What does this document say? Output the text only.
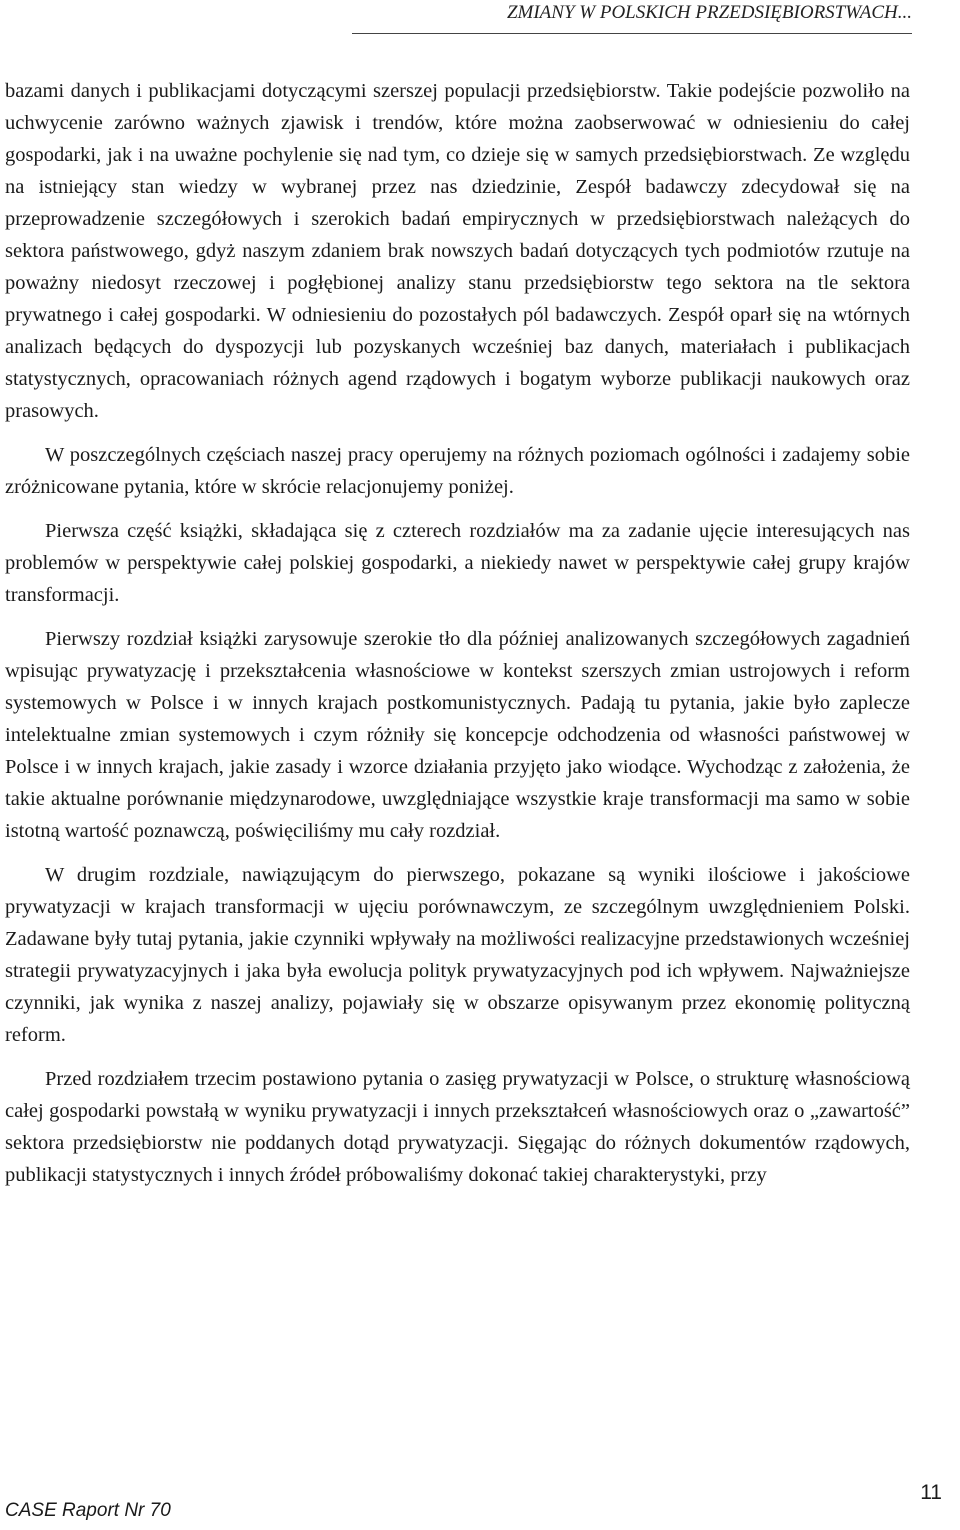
ZMIANY W POLSKICH PRZEDSIĘBIORSTWACH...

bazami danych i publikacjami dotyczącymi szerszej populacji przedsiębiorstw. Takie podejście pozwoliło na uchwycenie zarówno ważnych zjawisk i trendów, które można zaobserwować w odniesieniu do całej gospodarki, jak i na uważne pochylenie się nad tym, co dzieje się w samych przedsiębiorstwach. Ze względu na istniejący stan wiedzy w wybranej przez nas dziedzinie, Zespół badawczy zdecydował się na przeprowadzenie szczegółowych i szerokich badań empirycznych w przedsiębiorstwach należących do sektora państwowego, gdyż naszym zdaniem brak nowszych badań dotyczących tych podmiotów rzutuje na poważny niedosyt rzeczowej i pogłębionej analizy stanu przedsiębiorstw tego sektora na tle sektora prywatnego i całej gospodarki. W odniesieniu do pozostałych pól badawczych. Zespół oparł się na wtórnych analizach będących do dyspozycji lub pozyskanych wcześniej baz danych, materiałach i publikacjach statystycznych, opracowaniach różnych agend rządowych i bogatym wyborze publikacji naukowych oraz prasowych.

W poszczególnych częściach naszej pracy operujemy na różnych poziomach ogólności i zadajemy sobie zróżnicowane pytania, które w skrócie relacjonujemy poniżej.

Pierwsza część książki, składająca się z czterech rozdziałów ma za zadanie ujęcie interesujących nas problemów w perspektywie całej polskiej gospodarki, a niekiedy nawet w perspektywie całej grupy krajów transformacji.

Pierwszy rozdział książki zarysowuje szerokie tło dla później analizowanych szczegółowych zagadnień wpisując prywatyzację i przekształcenia własnościowe w kontekst szerszych zmian ustrojowych i reform systemowych w Polsce i w innych krajach postkomunistycznych. Padają tu pytania, jakie było zaplecze intelektualne zmian systemowych i czym różniły się koncepcje odchodzenia od własności państwowej w Polsce i w innych krajach, jakie zasady i wzorce działania przyjęto jako wiodące. Wychodząc z założenia, że takie aktualne porównanie międzynarodowe, uwzględniające wszystkie kraje transformacji ma samo w sobie istotną wartość poznawczą, poświęciliśmy mu cały rozdział.

W drugim rozdziale, nawiązującym do pierwszego, pokazane są wyniki ilościowe i jakościowe prywatyzacji w krajach transformacji w ujęciu porównawczym, ze szczególnym uwzględnieniem Polski. Zadawane były tutaj pytania, jakie czynniki wpływały na możliwości realizacyjne przedstawionych wcześniej strategii prywatyzacyjnych i jaka była ewolucja polityk prywatyzacyjnych pod ich wpływem. Najważniejsze czynniki, jak wynika z naszej analizy, pojawiały się w obszarze opisywanym przez ekonomię polityczną reform.

Przed rozdziałem trzecim postawiono pytania o zasięg prywatyzacji w Polsce, o strukturę własnościową całej gospodarki powstałą w wyniku prywatyzacji i innych przekształceń własnościowych oraz o „zawartość” sektora przedsiębiorstw nie poddanych dotąd prywatyzacji. Sięgając do różnych dokumentów rządowych, publikacji statystycznych i innych źródeł próbowaliśmy dokonać takiej charakterystyki, przy

CASE Raport Nr 70
11
